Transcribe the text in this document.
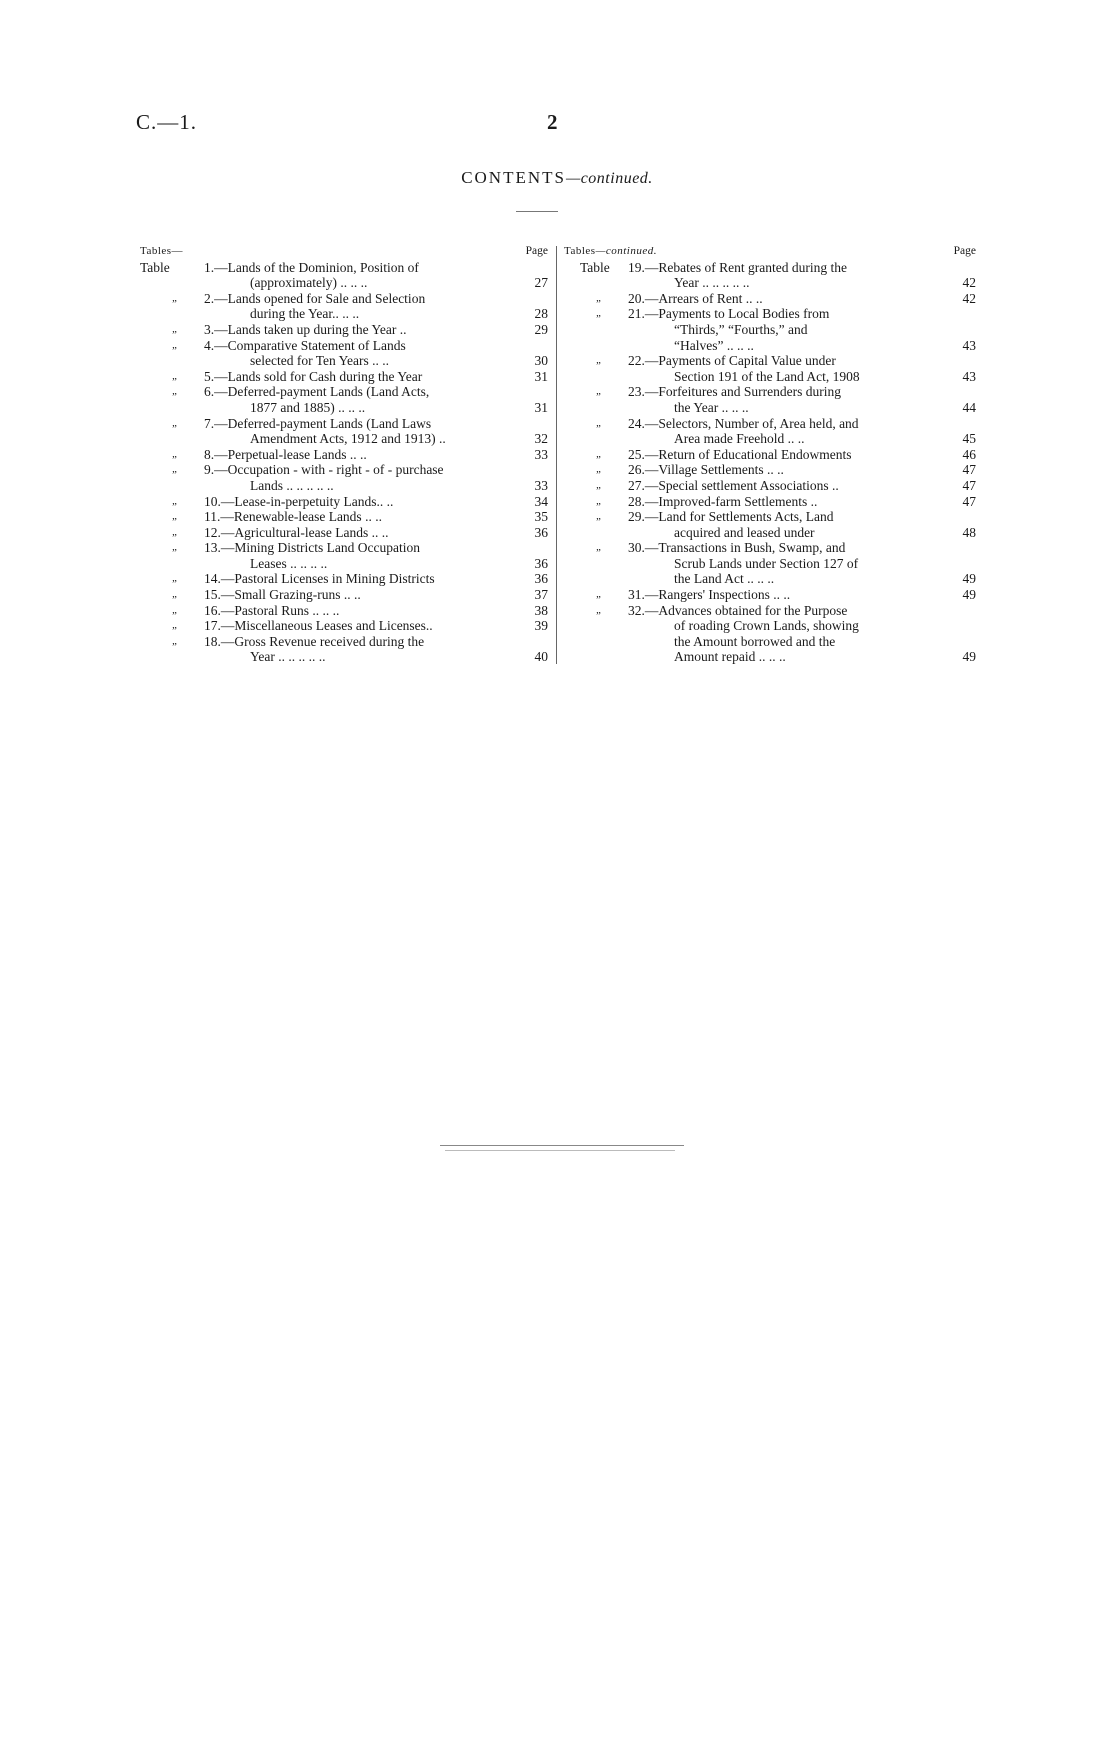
C.—1.	2
CONTENTS—continued.
Tables—	Page
Table	1.—Lands of the Dominion, Position of
(approximately) .. .. ..	27
„ 2.—Lands opened for Sale and Selection
during the Year.. .. ..	28
„ 3.—Lands taken up during the Year ..	29
„ 4.—Comparative Statement of Lands
selected for Ten Years .. ..	30
„ 5.—Lands sold for Cash during the Year	31
„ 6.—Deferred-payment Lands (Land Acts,
1877 and 1885) .. .. ..	31
„ 7.—Deferred-payment Lands (Land Laws
Amendment Acts, 1912 and 1913) ..	32
„ 8.—Perpetual-lease Lands .. ..	33
„ 9.—Occupation - with - right - of - purchase
Lands .. .. .. .. ..	33
„ 10.—Lease-in-perpetuity Lands.. ..	34
„ 11.—Renewable-lease Lands .. ..	35
„ 12.—Agricultural-lease Lands .. ..	36
„ 13.—Mining Districts Land Occupation
Leases .. .. .. ..	36
„ 14.—Pastoral Licenses in Mining Districts	36
„ 15.—Small Grazing-runs .. ..	37
„ 16.—Pastoral Runs .. .. ..	38
„ 17.—Miscellaneous Leases and Licenses..	39
„ 18.—Gross Revenue received during the
Year .. .. .. .. ..	40
Tables—continued.	Page
Table 19.—Rebates of Rent granted during the
Year .. .. .. .. ..	42
„ 20.—Arrears of Rent .. ..	42
„ 21.—Payments to Local Bodies from
“Thirds,” “Fourths,” and
“Halves” .. .. ..	43
„ 22.—Payments of Capital Value under
Section 191 of the Land Act, 1908	43
„ 23.—Forfeitures and Surrenders during
the Year .. .. ..	44
„ 24.—Selectors, Number of, Area held, and
Area made Freehold .. ..	45
„ 25.—Return of Educational Endowments	46
„ 26.—Village Settlements .. ..	47
„ 27.—Special settlement Associations ..	47
„ 28.—Improved-farm Settlements ..	47
„ 29.—Land for Settlements Acts, Land
acquired and leased under	48
„ 30.—Transactions in Bush, Swamp, and
Scrub Lands under Section 127 of
the Land Act .. .. ..	49
„ 31.—Rangers' Inspections .. ..	49
„ 32.—Advances obtained for the Purpose
of roading Crown Lands, showing
the Amount borrowed and the
Amount repaid .. .. ..	49
